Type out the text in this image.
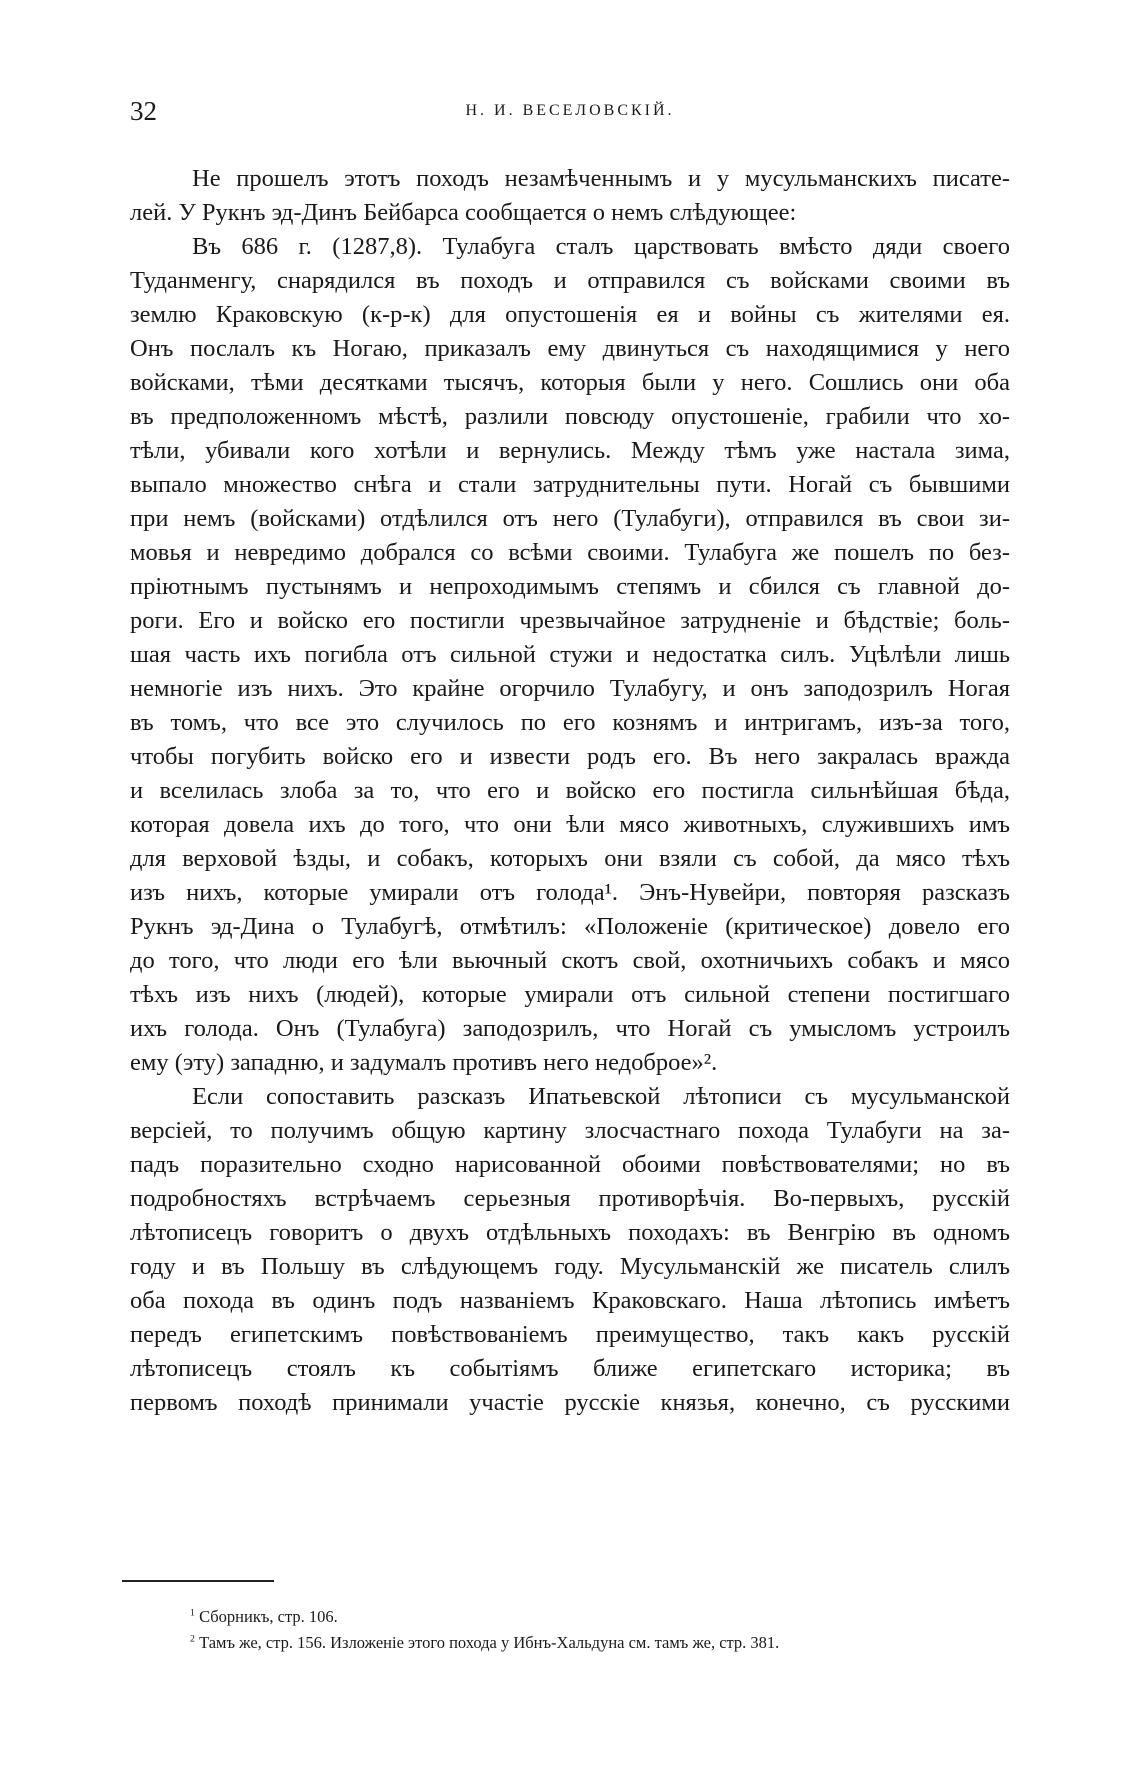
32	Н. И. ВЕСЕЛОВСКІЙ.
Не прошелъ этотъ походъ незамѣченнымъ и у мусульманскихъ писате-
лей. У Рукнъ эд-Динъ Бейбарса сообщается о немъ слѣдующее:
Въ 686 г. (1287,8). Тулабуга сталъ царствовать вмѣсто дяди своего
Туданменгу, снарядился въ походъ и отправился съ войсками своими въ
землю Краковскую (к-р-к) для опустошенія ея и войны съ жителями ея.
Онъ послалъ къ Ногаю, приказалъ ему двинуться съ находящимися у него
войсками, тѣми десятками тысячъ, которыя были у него. Сошлись они оба
въ предположенномъ мѣстѣ, разлили повсюду опустошеніе, грабили что хо-
тѣли, убивали кого хотѣли и вернулись. Между тѣмъ уже настала зима,
выпало множество снѣга и стали затруднительны пути. Ногай съ бывшими
при немъ (войсками) отдѣлился отъ него (Тулабуги), отправился въ свои зи-
мовья и невредимо добрался со всѣми своими. Тулабуга же пошелъ по без-
пріютнымъ пустынямъ и непроходимымъ степямъ и сбился съ главной до-
роги. Его и войско его постигли чрезвычайное затрудненіе и бѣдствіе; боль-
шая часть ихъ погибла отъ сильной стужи и недостатка силъ. Уцѣлѣли лишь
немногіе изъ нихъ. Это крайне огорчило Тулабугу, и онъ заподозрилъ Ногая
въ томъ, что все это случилось по его кознямъ и интригамъ, изъ-за того,
чтобы погубить войско его и извести родъ его. Въ него закралась вражда
и вселилась злоба за то, что его и войско его постигла сильнѣйшая бѣда,
которая довела ихъ до того, что они ѣли мясо животныхъ, служившихъ имъ
для верховой ѣзды, и собакъ, которыхъ они взяли съ собой, да мясо тѣхъ
изъ нихъ, которые умирали отъ голода¹. Энъ-Нувейри, повторяя разсказъ
Рукнъ эд-Дина о Тулабугѣ, отмѣтилъ: «Положеніе (критическое) довело его
до того, что люди его ѣли вьючный скотъ свой, охотничьихъ собакъ и мясо
тѣхъ изъ нихъ (людей), которые умирали отъ сильной степени постигшаго
ихъ голода. Онъ (Тулабуга) заподозрилъ, что Ногай съ умысломъ устроилъ
ему (эту) западню, и задумалъ противъ него недоброе»².
Если сопоставить разсказъ Ипатьевской лѣтописи съ мусульманской
версіей, то получимъ общую картину злосчастнаго похода Тулабуги на за-
падъ поразительно сходно нарисованной обоими повѣствователями; но въ
подробностяхъ встрѣчаемъ серьезныя противорѣчія. Во-первыхъ, русскій
лѣтописецъ говоритъ о двухъ отдѣльныхъ походахъ: въ Венгрію въ одномъ
году и въ Польшу въ слѣдующемъ году. Мусульманскій же писатель слилъ
оба похода въ одинъ подъ названіемъ Краковскаго. Наша лѣтопись имѣетъ
передъ египетскимъ повѣствованіемъ преимущество, такъ какъ русскій
лѣтописецъ стоялъ къ событіямъ ближе египетскаго историка; въ
первомъ походѣ принимали участіе русскіе князья, конечно, съ русскими
$^1$ Сборникъ, стр. 106.
$^2$ Тамъ же, стр. 156. Изложеніе этого похода у Ибнъ-Хальдуна см. тамъ же, стр. 381.
